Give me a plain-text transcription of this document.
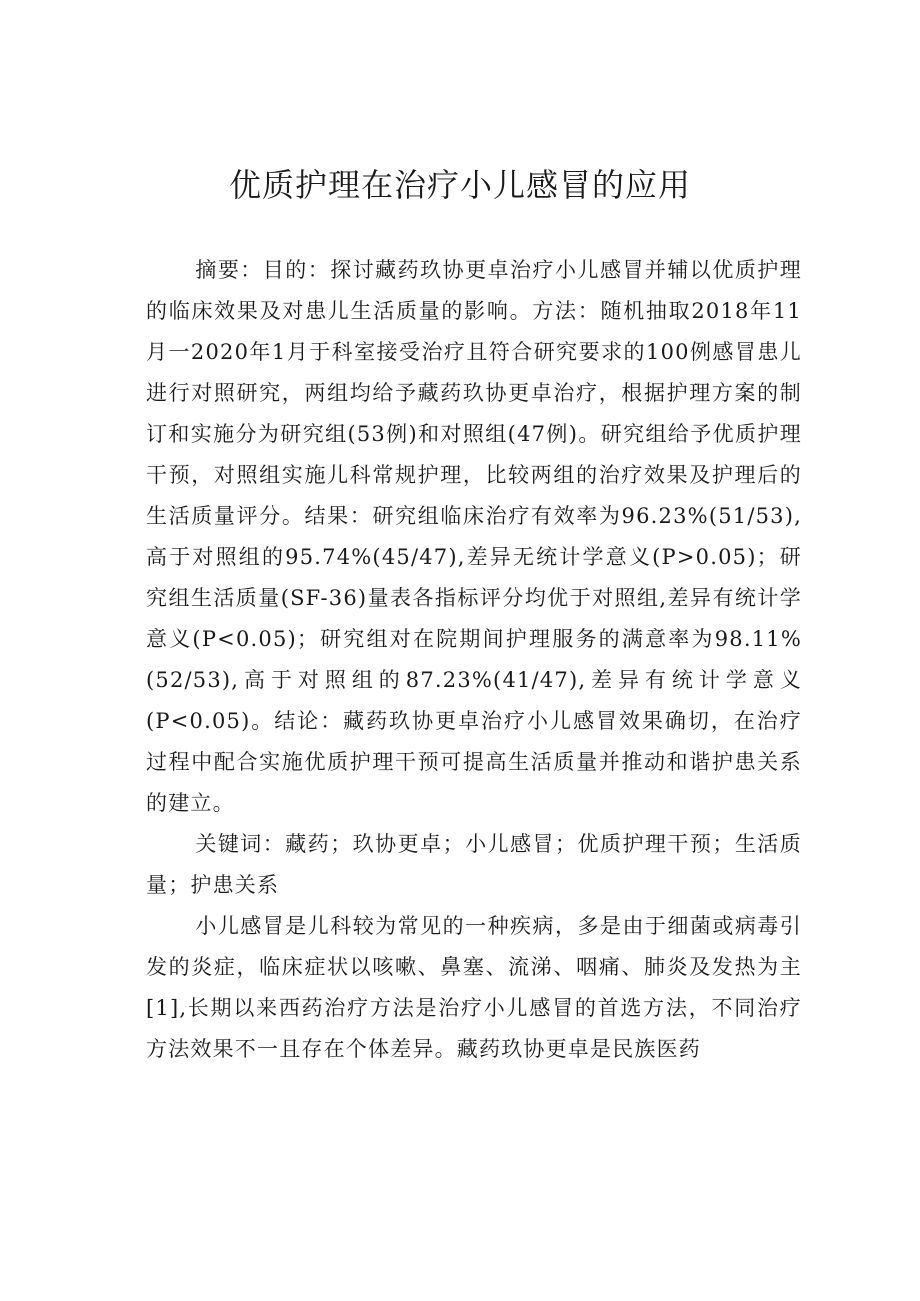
优质护理在治疗小儿感冒的应用

摘要：目的：探讨藏药玖协更卓治疗小儿感冒并辅以优质护理的临床效果及对患儿生活质量的影响。方法：随机抽取2018年11月一2020年1月于科室接受治疗且符合研究要求的100例感冒患儿进行对照研究，两组均给予藏药玖协更卓治疗，根据护理方案的制订和实施分为研究组(53例)和对照组(47例)。研究组给予优质护理干预，对照组实施儿科常规护理，比较两组的治疗效果及护理后的生活质量评分。结果：研究组临床治疗有效率为96.23%(51/53),高于对照组的95.74%(45/47),差异无统计学意义(P>0.05)；研究组生活质量(SF-36)量表各指标评分均优于对照组,差异有统计学意义(P<0.05)；研究组对在院期间护理服务的满意率为98.11%(52/53),高于对照组的87.23%(41/47),差异有统计学意义(P<0.05)。结论：藏药玖协更卓治疗小儿感冒效果确切，在治疗过程中配合实施优质护理干预可提高生活质量并推动和谐护患关系的建立。

关键词：藏药；玖协更卓；小儿感冒；优质护理干预；生活质量；护患关系

小儿感冒是儿科较为常见的一种疾病，多是由于细菌或病毒引发的炎症，临床症状以咳嗽、鼻塞、流涕、咽痛、肺炎及发热为主[1],长期以来西药治疗方法是治疗小儿感冒的首选方法，不同治疗方法效果不一且存在个体差异。藏药玖协更卓是民族医药
